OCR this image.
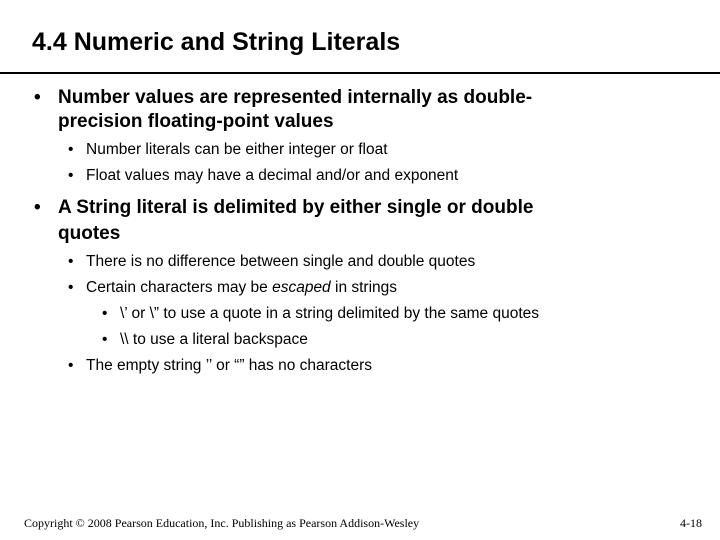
4.4 Numeric and String Literals
• Number values are represented internally as double-
precision floating-point values
• Number literals can be either integer or float
• Float values may have a decimal and/or and exponent
• A String literal is delimited by either single or double
quotes
• There is no difference between single and double quotes
• Certain characters may be escaped in strings
• \’ or \” to use a quote in a string delimited by the same quotes
• \\ to use a literal backspace
• The empty string ’’ or “” has no characters
Copyright © 2008 Pearson Education, Inc. Publishing as Pearson Addison-Wesley	4-18
